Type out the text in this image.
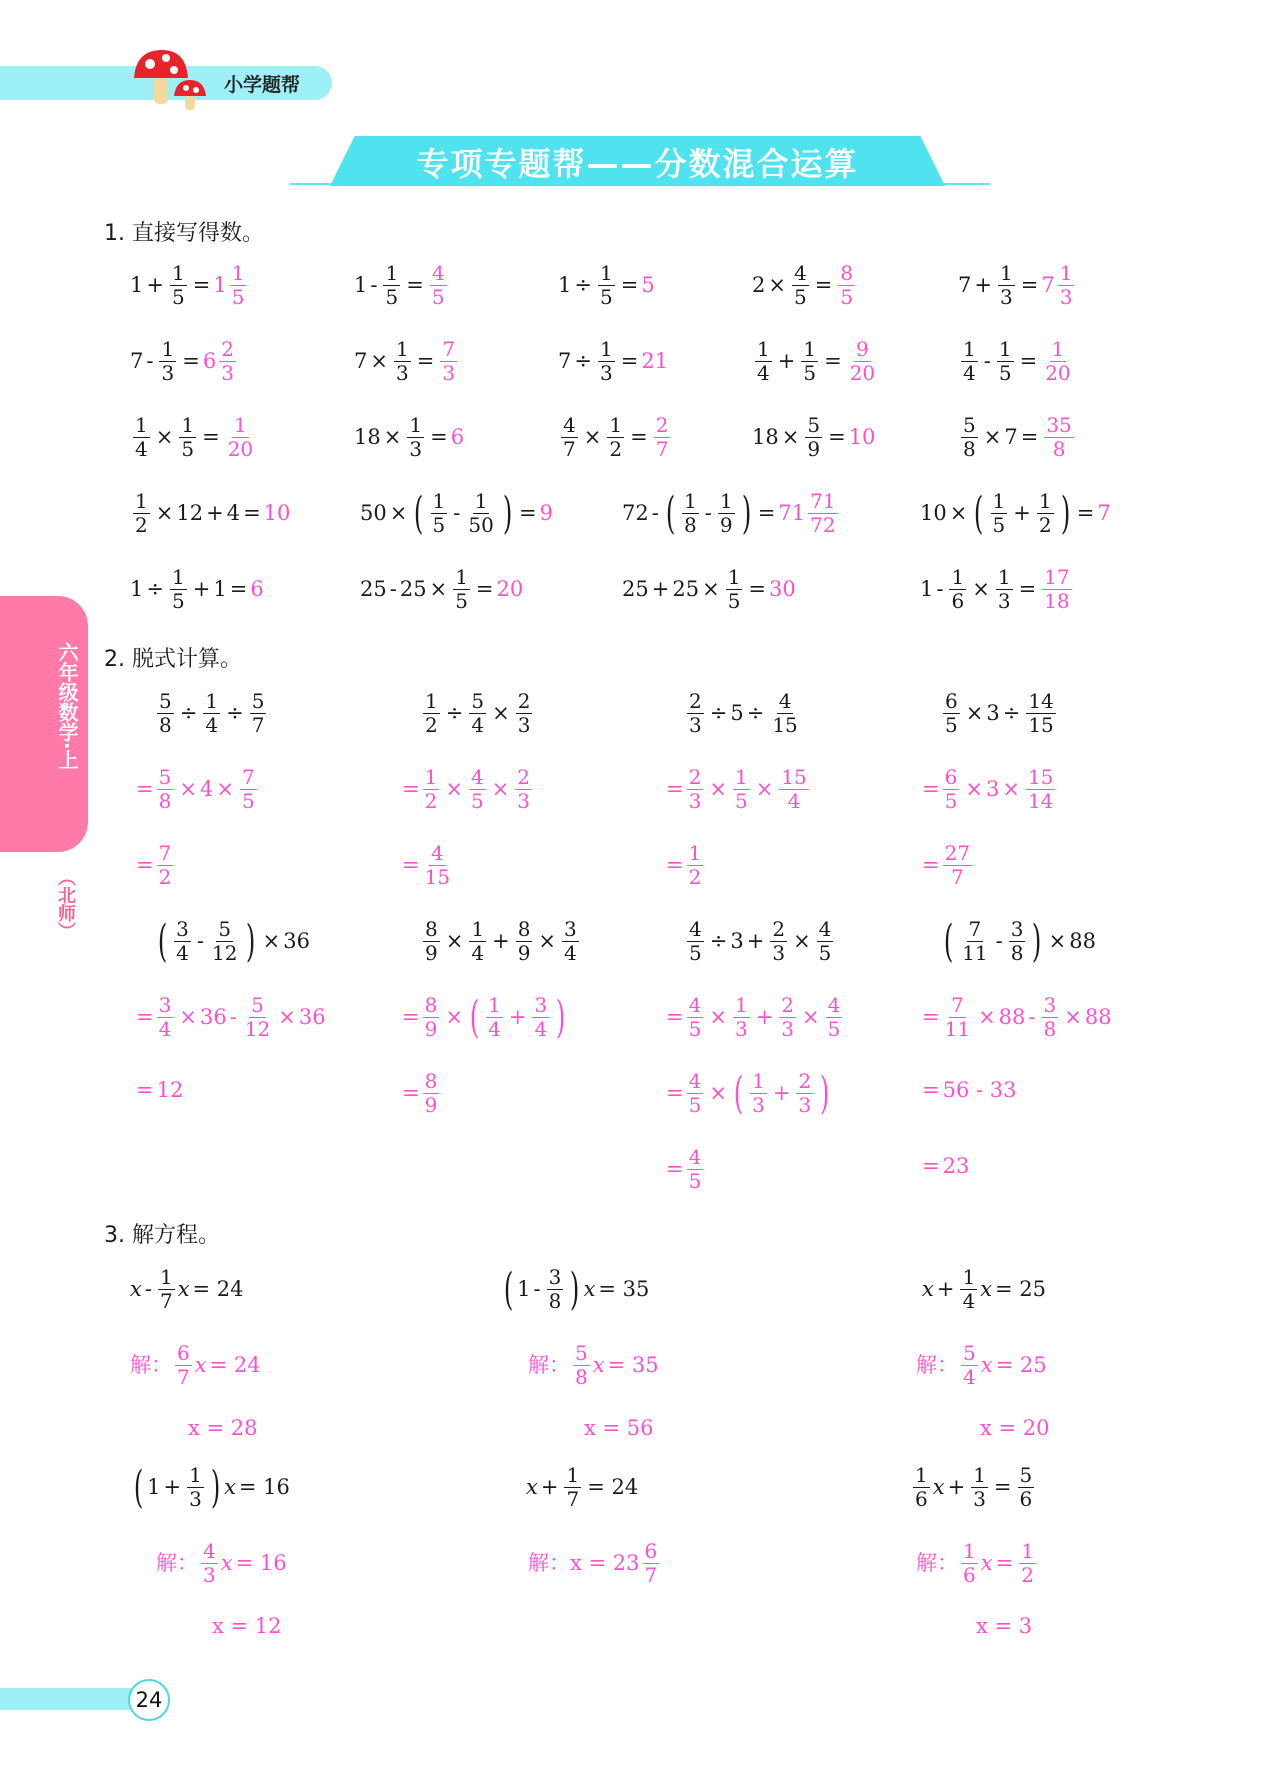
小学题帮
专项专题帮——分数混合运算
六年级数学·上
（北师）
24
1. 直接写得数。
2. 脱式计算。
3. 解方程。
$1 + \frac{1}{5} = 1 \frac{1}{5}$	$1 - \frac{1}{5} = \frac{4}{5}$	$1 \div \frac{1}{5} = 5$	$2 \times \frac{4}{5} = \frac{8}{5}$	$7 + \frac{1}{3} = 7 \frac{1}{3}$
$7 - \frac{1}{3} = 6 \frac{2}{3}$	$7 \times \frac{1}{3} = \frac{7}{3}$	$7 \div \frac{1}{3} = 21$	$\frac{1}{4} + \frac{1}{5} = \frac{9}{20}$	$\frac{1}{4} - \frac{1}{5} = \frac{1}{20}$
$\frac{1}{4} \times \frac{1}{5} = \frac{1}{20}$	$18 \times \frac{1}{3} = 6$	$\frac{4}{7} \times \frac{1}{2} = \frac{2}{7}$	$18 \times \frac{5}{9} = 10$	$\frac{5}{8} \times 7 = \frac{35}{8}$
$\frac{1}{2} \times 12 + 4 = 10$	50 × ( $\frac{1}{5} - \frac{1}{50}$ ) = 9	72 - ( $\frac{1}{8} - \frac{1}{9}$ ) = $71 \frac{71}{72}$	10 × ( $\frac{1}{5} + \frac{1}{2}$ ) = 7
$1 \div \frac{1}{5} + 1 = 6$	$25 - 25 \times \frac{1}{5} = 20$	$25 + 25 \times \frac{1}{5} = 30$	$1 - \frac{1}{6} \times \frac{1}{3} = \frac{17}{18}$
$\frac{5}{8} \div \frac{1}{4} \div \frac{5}{7}$
= $\frac{5}{8} \times 4 \times \frac{7}{5}$
= $\frac{7}{2}$
$\frac{1}{2} \div \frac{5}{4} \times \frac{2}{3}$
= $\frac{1}{2} \times \frac{4}{5} \times \frac{2}{3}$
= $\frac{4}{15}$
$\frac{2}{3} \div 5 \div \frac{4}{15}$
= $\frac{2}{3} \times \frac{1}{5} \times \frac{15}{4}$
= $\frac{1}{2}$
$\frac{6}{5} \times 3 \div \frac{14}{15}$
= $\frac{6}{5} \times 3 \times \frac{15}{14}$
= $\frac{27}{7}$
( $\frac{3}{4} - \frac{5}{12}$ ) × 36
= $\frac{3}{4} \times 36 - \frac{5}{12} \times 36$
= 12
$\frac{8}{9} \times \frac{1}{4} + \frac{8}{9} \times \frac{3}{4}$
= $\frac{8}{9}$ × ( $\frac{1}{4} + \frac{3}{4}$ )
= $\frac{8}{9}$
$\frac{4}{5} \div 3 + \frac{2}{3} \times \frac{4}{5}$
= $\frac{4}{5} \times \frac{1}{3} + \frac{2}{3} \times \frac{4}{5}$
= $\frac{4}{5}$ × ( $\frac{1}{3} + \frac{2}{3}$ )
= $\frac{4}{5}$
( $\frac{7}{11} - \frac{3}{8}$ ) × 88
= $\frac{7}{11} \times 88 - \frac{3}{8} \times 88$
= 56 - 33
= 23
x - $\frac{1}{7}$ x = 24
解： $\frac{6}{7}$ x = 24
x = 28
( $1 - \frac{3}{8}$ ) x = 35
解： $\frac{5}{8}$ x = 35
x = 56
$x + \frac{1}{4}$ x = 25
解： $\frac{5}{4}$ x = 25
x = 20
( $1 + \frac{1}{3}$ ) x = 16
解： $\frac{4}{3}$ x = 16
x = 12
$x + \frac{1}{7} = 24$
解： $x = 23 \frac{6}{7}$
$\frac{1}{6}$ $x + \frac{1}{3} = \frac{5}{6}$
解： $\frac{1}{6}$ $x = \frac{1}{2}$
x = 3
